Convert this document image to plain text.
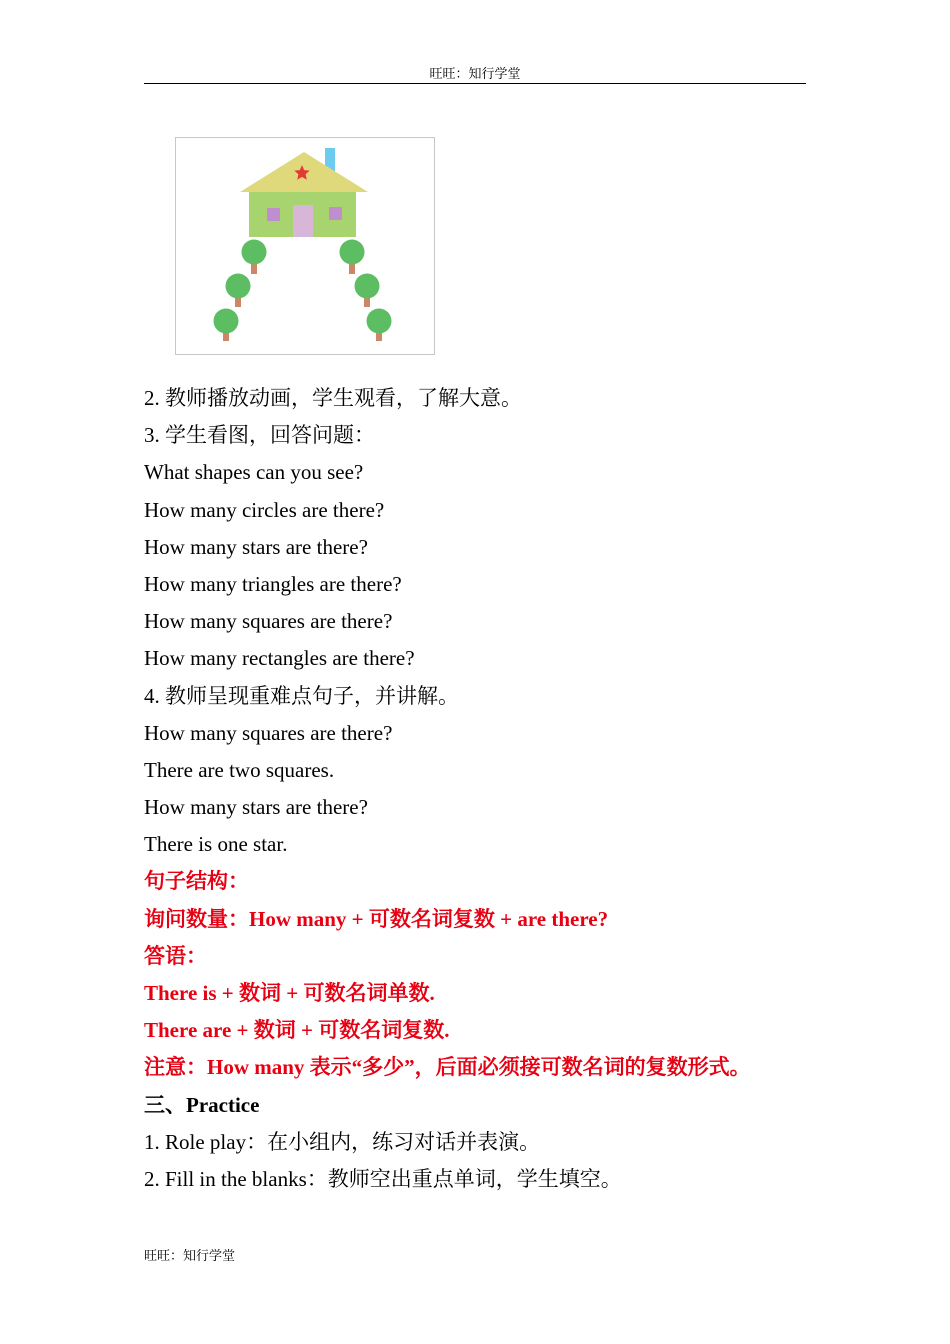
旺旺：知行学堂
2. 教师播放动画，学生观看，了解大意。
3. 学生看图，回答问题：
What shapes can you see?
How many circles are there?
How many stars are there?
How many triangles are there?
How many squares are there?
How many rectangles are there?
4. 教师呈现重难点句子，并讲解。
How many squares are there?
There are two squares.
How many stars are there?
There is one star.
句子结构：
询问数量：How many + 可数名词复数 + are there?
答语：
There is + 数词 + 可数名词单数.
There are + 数词 + 可数名词复数.
注意：How many 表示“多少”，后面必须接可数名词的复数形式。
三、Practice
1. Role play：在小组内，练习对话并表演。
2. Fill in the blanks：教师空出重点单词，学生填空。
旺旺：知行学堂
